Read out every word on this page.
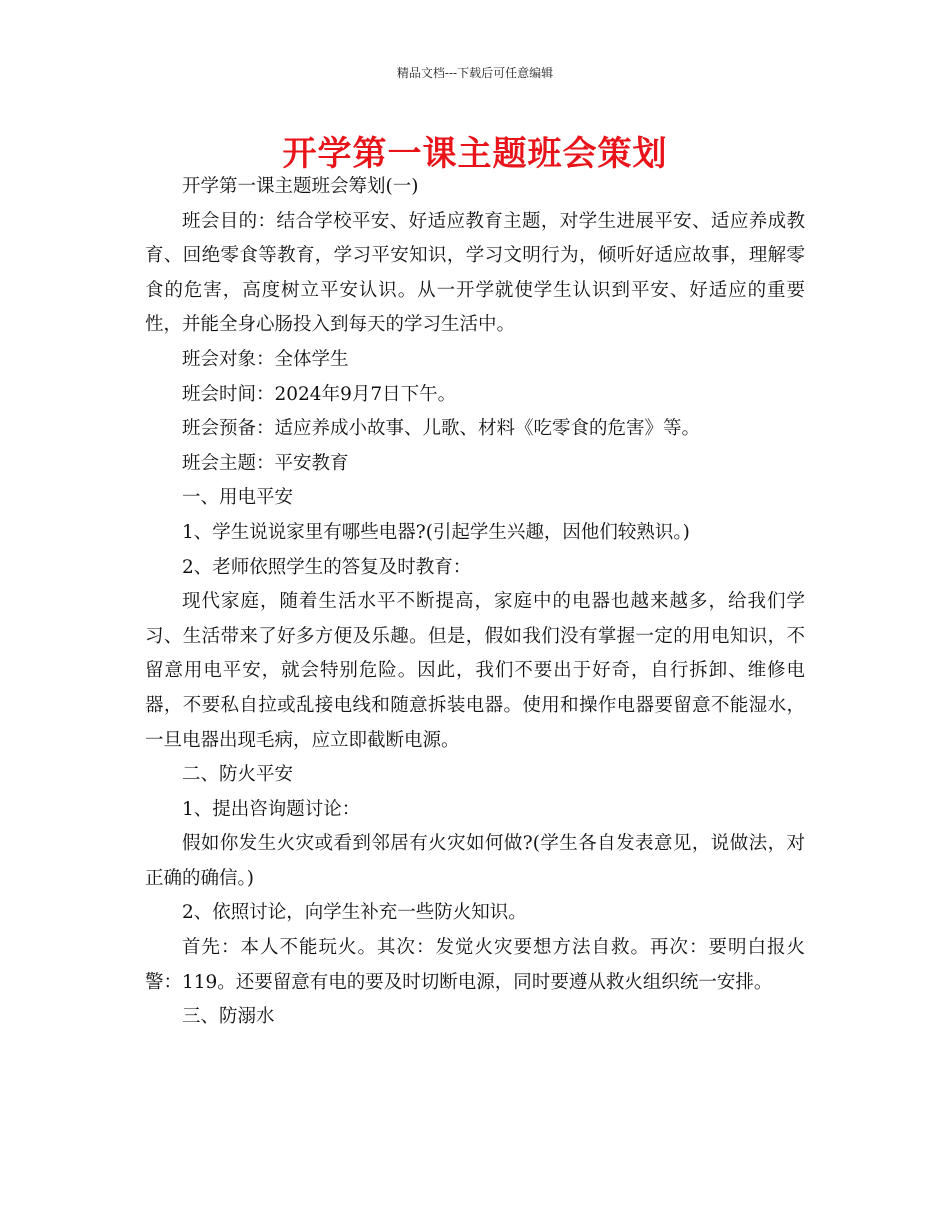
精品文档---下载后可任意编辑
开学第一课主题班会策划

开学第一课主题班会筹划(一)

班会目的：结合学校平安、好适应教育主题，对学生进展平安、适应养成教育、回绝零食等教育，学习平安知识，学习文明行为，倾听好适应故事，理解零食的危害，高度树立平安认识。从一开学就使学生认识到平安、好适应的重要性，并能全身心肠投入到每天的学习生活中。

班会对象：全体学生

班会时间：2024年9月7日下午。

班会预备：适应养成小故事、儿歌、材料《吃零食的危害》等。

班会主题：平安教育

一、用电平安

1、学生说说家里有哪些电器?(引起学生兴趣，因他们较熟识。)

2、老师依照学生的答复及时教育：

现代家庭，随着生活水平不断提高，家庭中的电器也越来越多，给我们学习、生活带来了好多方便及乐趣。但是，假如我们没有掌握一定的用电知识，不留意用电平安，就会特别危险。因此，我们不要出于好奇，自行拆卸、维修电器，不要私自拉或乱接电线和随意拆装电器。使用和操作电器要留意不能湿水，一旦电器出现毛病，应立即截断电源。

二、防火平安

1、提出咨询题讨论：

假如你发生火灾或看到邻居有火灾如何做?(学生各自发表意见，说做法，对正确的确信。)

2、依照讨论，向学生补充一些防火知识。

首先：本人不能玩火。其次：发觉火灾要想方法自救。再次：要明白报火警：119。还要留意有电的要及时切断电源，同时要遵从救火组织统一安排。

三、防溺水
